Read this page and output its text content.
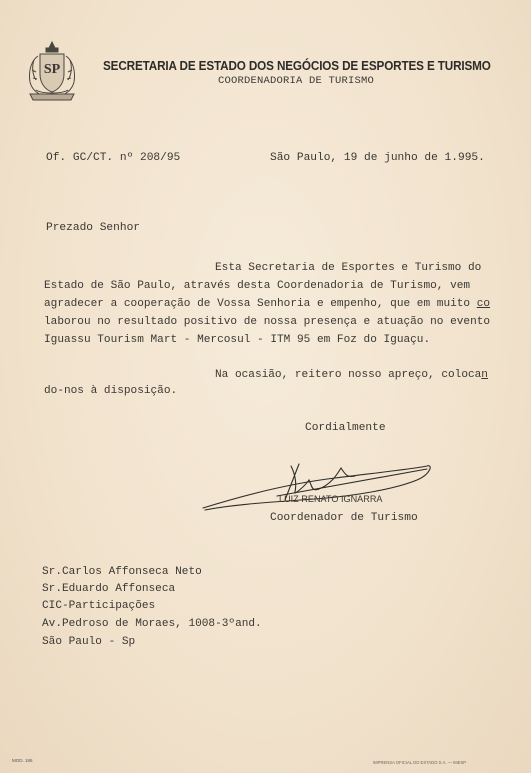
SP	SECRETARIA DE ESTADO DOS NEGÓCIOS DE ESPORTES E TURISMO
COORDENADORIA DE TURISMO
Of. GC/CT. nº 208/95	São Paulo, 19 de junho de 1.995.
Prezado Senhor
Esta Secretaria de Esportes e Turismo do
Estado de São Paulo, através desta Coordenadoria de Turismo, vem
agradecer a cooperação de Vossa Senhoria e empenho, que em muito co
laborou no resultado positivo de nossa presença e atuação no evento
Iguassu Tourism Mart - Mercosul - ITM 95 em Foz do Iguaçu.
Na ocasião, reitero nosso apreço, colocan
do-nos à disposição.
Cordialmente
LUIZ RENATO IGNARRA
Coordenador de Turismo
Sr.Carlos Affonseca Neto
Sr.Eduardo Affonseca
CIC-Participações
Av.Pedroso de Moraes, 1008-3ºand.
São Paulo - Sp
MOD. 186	IMPRENSA OFICIAL DO ESTADO S.A. — IMESP
